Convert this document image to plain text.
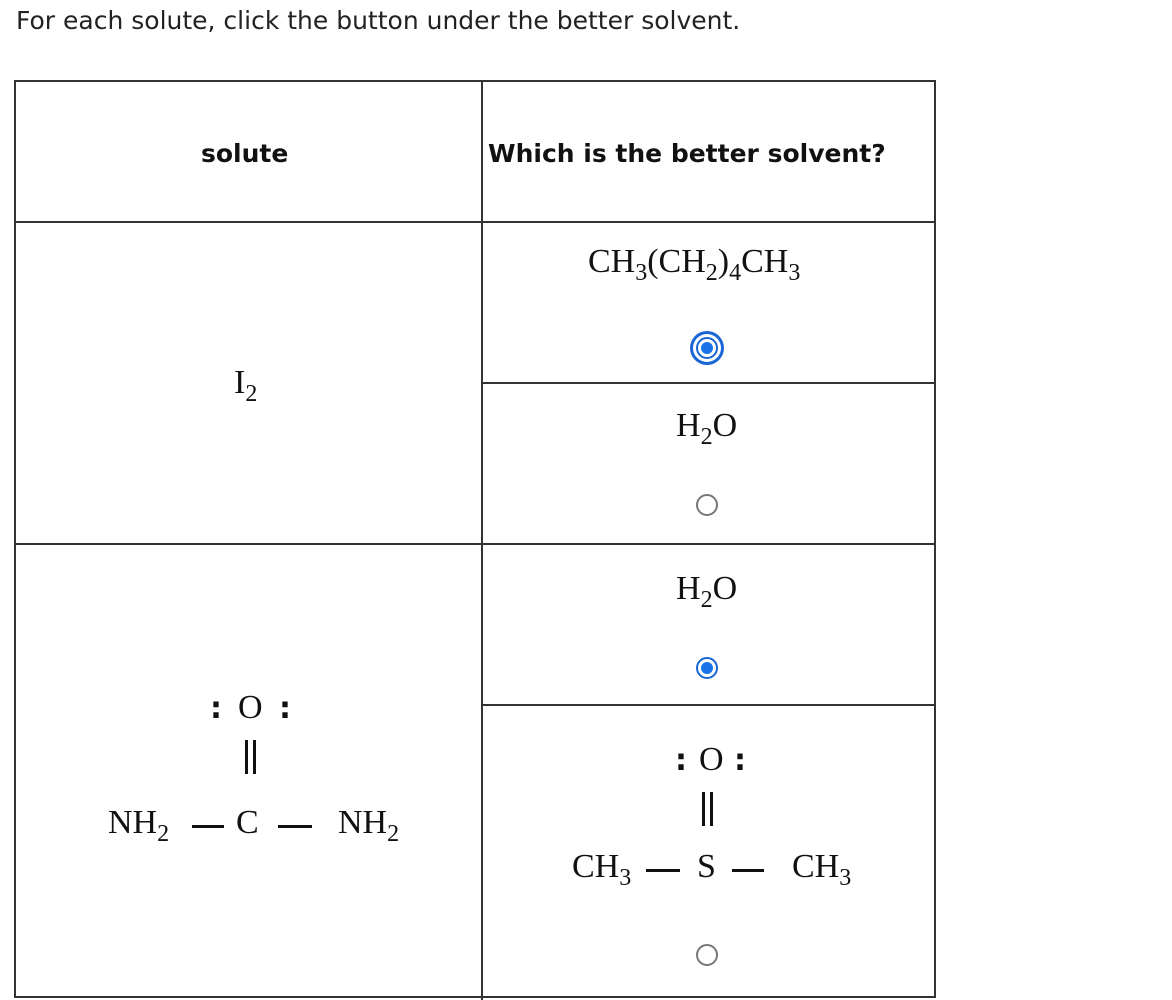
For each solute, click the button under the better solvent.
solute	Which is the better solvent?
$I_2$
$CH_3(CH_2)_4CH_3$
$H_2O$
: O :
$NH_2$ C $NH_2$
$H_2O$
: O :
$CH_3$ S $CH_3$
